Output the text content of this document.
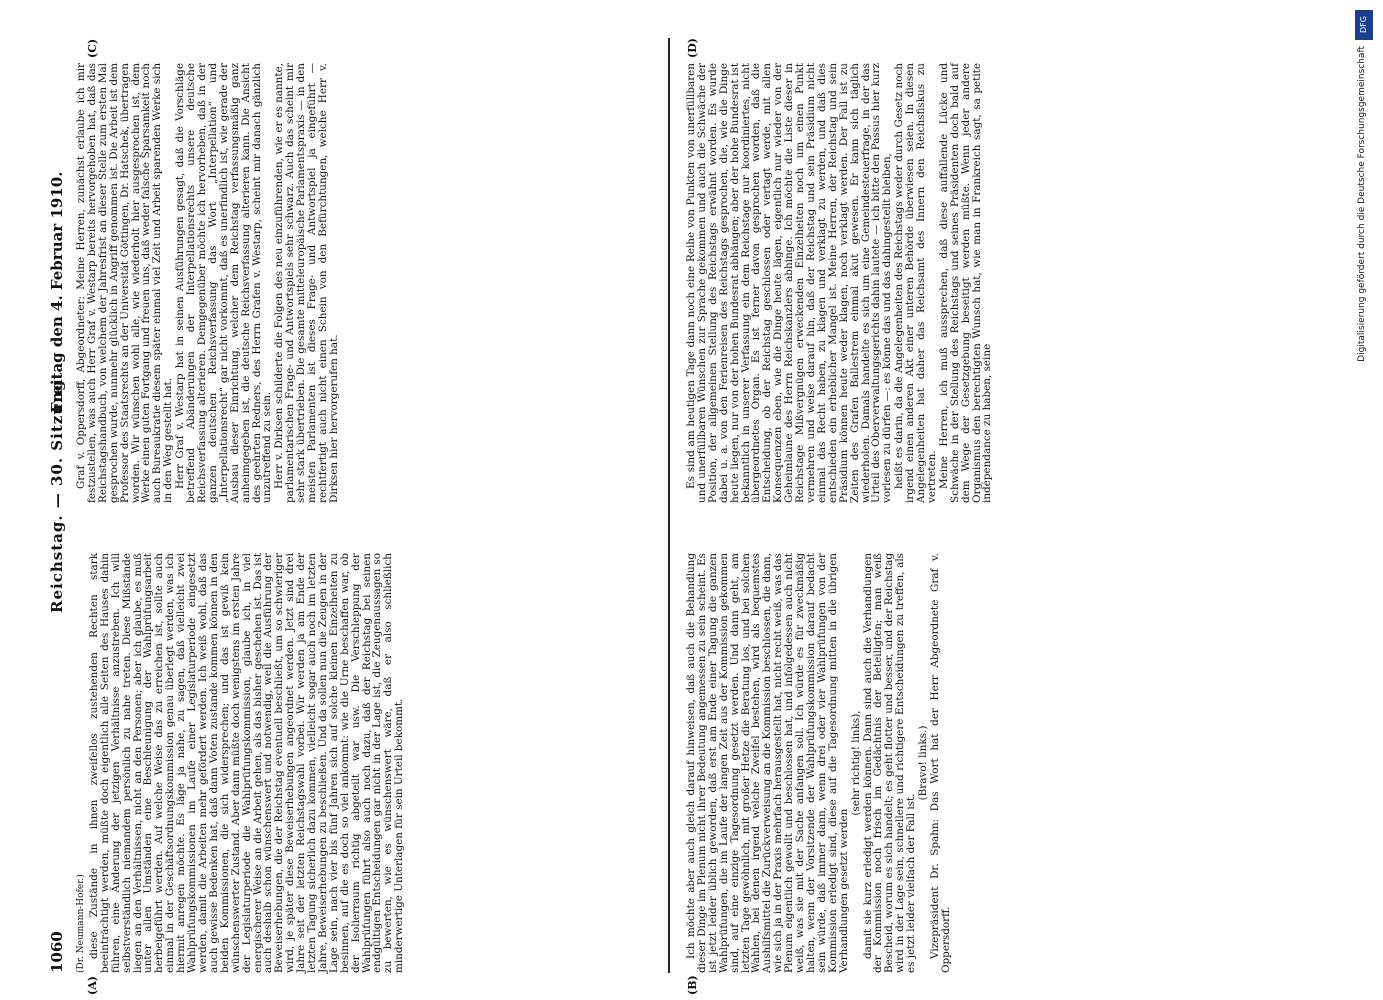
1060
Reichstag. — 30. Sitzung.
Freitag den 4. Februar 1910.

(Dr. Neumann-Hofer.) diese Zustände in ihnen zweifellos zustehenden Rechten stark beeinträchtigt werden, müßte doch eigentlich alle Seiten des Hauses dahin führen, eine Änderung der jetzigen Verhältnisse anzustreben. Ich will selbstverständlich niemandem persönlich zu nahe treten. Diese Mißstände liegen an den Verhältnissen, nicht an den Personen; aber ich glaube, es muß unter allen Umständen eine Beschleunigung der Wahlprüfungsarbeit herbeigeführt werden. Auf welche Weise das zu erreichen ist, sollte auch einmal in der Geschäftsordnungskommission genau überlegt werden, was ich hiermit anregen möchte. Es läge ja nahe, zu sagen, daß vielleicht zwei Wahlprüfungskommissionen im Laufe einer Legislaturperiode eingesetzt werden, damit die Arbeiten mehr gefördert werden. Ich weiß wohl, daß das auch gewisse Bedenken hat, daß dann Voten zustande kommen können in den beiden Kommissionen, die sich widersprechen; und das ist gewiß kein wünschenswerter Zustand. Aber dann müßte doch wenigstens im ersten Jahre der Legislaturperiode die Wahlprüfungskommission, glaube ich, in viel energischerer Weise an die Arbeit gehen, als das bisher geschehen ist. Das ist auch deshalb schon wünschenswert und notwendig, weil die Ausführung der Beweiserhebungen, die der Reichstag eventuell beschließt, um so schwieriger wird, je später diese Beweiserhebungen angeordnet werden. Jetzt sind drei Jahre seit der letzten Reichstagswahl vorbei. Wir werden ja am Ende der letzten Tagung sicherlich dazu kommen, vielleicht sogar auch noch im letzten Jahre, Beweiserhebungen zu beschließen. Und da sollen nun die Zeugen in der Lage sein, nach vier bis fünf Jahren sich auf solche kleinen Einzelheiten zu besinnen, auf die es doch so viel ankommt: wie die Urne beschaffen war, ob der Isolierraum richtig abgeteilt war usw. Die Verschleppung der Wahlprüfungen führt also auch noch dazu, daß der Reichstag bei seinen endgültigen Entscheidungen gar nicht in der Lage ist, die Zeugenaussagen so zu bewerten, wie es wünschenswert wäre, daß er also schließlich minderwertige Unterlagen für sein Urteil bekommt.	Ich möchte aber auch gleich darauf hinweisen, daß auch die Behandlung dieser Dinge im Plenum nicht ihrer Bedeutung angemessen zu sein scheint. Es ist jetzt leider üblich geworden, daß erst am Ende einer Tagung die ganzen Wahlprüfungen, die im Laufe der langen Zeit aus der Kommission gekommen sind, auf eine einzige Tagesordnung gesetzt werden. Und dann geht, am letzten Tage gewöhnlich, mit großer Hetze die Beratung los, und bei solchen Wahlen, bei denen irgend welche Zweifel bestehen, wird als bequemstes Aushilfsmittel die Zurückverweisung an die Kommission beschlossen, die dann, wie sich ja in der Praxis mehrfach herausgestellt hat, nicht recht weiß, was das Plenum eigentlich gewollt und beschlossen hat, und infolgedessen auch nicht weiß, was sie mit der Sache anfangen soll. Ich würde es für zweckmäßig halten, wenn der Vorsitzende der Wahlprüfungskommission darauf bedacht sein würde, daß immer dann, wenn drei oder vier Wahlprüfungen von der Kommission erledigt sind, diese auf die Tagesordnung mitten in die übrigen Verhandlungen gesetzt werden

(sehr richtig! links), damit sie kurz erledigt werden können. Dann sind auch die Verhandlungen der Kommission noch frisch im Gedächtnis der Beteiligten; man weiß Bescheid, worum es sich handelt; es geht flotter und besser, und der Reichstag wird in der Lage sein, schnellere und richtigere Entscheidungen zu treffen, als es jetzt leider vielfach der Fall ist.

(Bravo! links.) Vizepräsident Dr. Spahn: Das Wort hat der Herr Abgeordnete Graf v. Oppersdorff.

Graf v. Oppersdorff, Abgeordneter: Meine Herren, zunächst erlaube ich mir festzustellen, was auch Herr Graf v. Westarp bereits hervorgehoben hat, daß das Reichstagshandbuch, von welchem der Jahresfrist an dieser Stelle zum ersten Mal gesprochen wurde, nunmehr glücklich in Angriff genommen ist. Die Arbeit ist dem Professor des Staatsrechts an der Universität Göttingen, Dr. Hatschek, übertragen worden. Wir wünschen wohl alle, wie wiederholt hier ausgesprochen ist, dem Werke einen guten Fortgang und freuen uns, daß weder falsche Sparsamkeit noch auch Bureaukratie diesem später einmal viel Zeit und Arbeit sparenden Werke sich in den Weg gestellt hat. Herr Graf v. Westarp hat in seinen Ausführungen gesagt, daß die Vorschläge betreffend Abänderungen der Interpellationsrechts unsere deutsche Reichsverfassung alterieren. Demgegenüber möchte ich hervorheben, daß in der ganzen deutschen Reichsverfassung das Wort „Interpellation“ und „Interpellationsrecht“ gar nicht vorkommt, daß es unerfindlich ist, wie gerade der Ausbau dieser Einrichtung, welcher dem Reichstag verfassungsmäßig ganz anheimgegeben ist, die deutsche Reichsverfassung alterieren kann. Die Ansicht des geehrten Redners, des Herrn Grafen v. Westarp, scheint mir danach gänzlich unzutreffend zu sein. Herr v. Dirksen schilderte die Folgen des neu einzuführenden, wie er es nannte, parlamentarischen Frage- und Antwortspiels sehr schwarz. Auch das scheint mir sehr stark übertrieben. Die gesamte mitteleuropäische Parlamentspraxis — in den meisten Parlamenten ist dieses Frage- und Antwortspiel ja eingeführt — rechtfertigt auch nicht einen Schein von den Befürchtungen, welche Herr v. Dirksen hier hervorgerufen hat.	Es sind am heutigen Tage dann noch eine Reihe von Punkten von unerfüllbaren und unerfüllbaren Wünschen zur Sprache gekommen und auch die Schwäche der Position, der allgemeinen Stellung des Reichstags erwähnt worden. Es wurde dabei u. a. von den Ferienreisen des Reichstags gesprochen, die, wie die Dinge heute liegen, nur von der hohen Bundesrat abhängen; aber der hohe Bundesrat ist bekanntlich in unserer Verfassung ein dem Reichstage nur koordiniertes, nicht übergeordnetes Organ. Es ist ferner davon gesprochen worden, daß die Entscheidung, ob der Reichstag geschlossen oder vertagt werde, mit allen Konsequenzen eben, wie die Dinge heute lägen, eigentlich nur wieder von der Geheimlaune des Herrn Reichskanzlers abhinge. Ich möchte die Liste dieser in Reichstage Mißvergnügen erweckenden Einzelheiten noch um einen Punkt vermehren und weise darauf hin, daß der Reichstag und sein Präsidium nicht einmal das Recht haben, zu klagen und verklagt zu werden, und daß dies entschieden ein erheblicher Mangel ist. Meine Herren, der Reichstag und sein Präsidium können heute weder klagen, noch verklagt werden. Der Fall ist zu Zeiten des Grafen Ballestrem einmal akut gewesen. Er kann sich täglich wiederholen. Damals handelte es sich um eine Gemeindesteuerfrage, in der das Urteil des Oberverwaltungsgerichts dahin lautete — ich bitte den Passus hier kurz vorlesen zu dürfen —: es könne das und das dahingestellt bleiben, heißt es darin, da die Angelegenheiten des Reichstags weder durch Gesetz noch irgend einen anderen Akt einer unteren Behörde überwiesen seien. In diesen Angelegenheiten hat daher das Reichsamt des Innern den Reichsfiskus zu vertreten. Meine Herren, ich muß aussprechen, daß diese auffallende Lücke und Schwäche in der Stellung des Reichstags und seines Präsidenten doch bald auf dem Wege der Gesetzgebung beseitigt werden müßte. Wenn jeder andere Organismus den berechtigten Wunsch hat, wie man in Frankreich sagt, sa petite indépendance zu haben, seine

(A)	(B)
(C)	(D)
DFG
Digitalisierung gefördert durch die Deutsche Forschungsgemeinschaft
